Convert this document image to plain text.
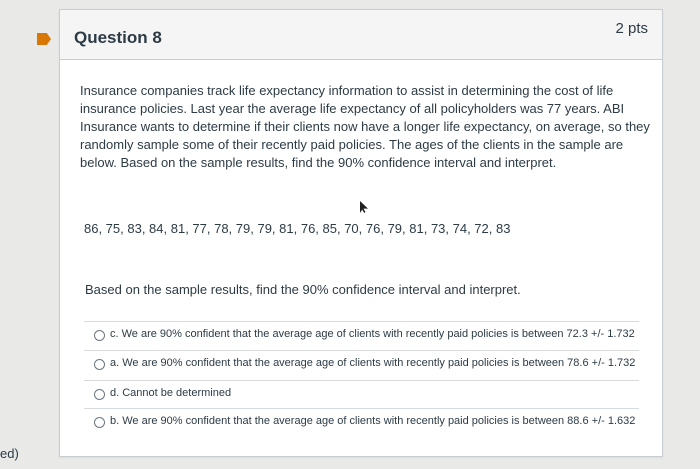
ed)
Question 8	2 pts

Insurance companies track life expectancy information to assist in determining the cost of life insurance policies. Last year the average life expectancy of all policyholders was 77 years. ABI Insurance wants to determine if their clients now have a longer life expectancy, on average, so they randomly sample some of their recently paid policies. The ages of the clients in the sample are below. Based on the sample results, find the 90% confidence interval and interpret.

86, 75, 83, 84, 81, 77, 78, 79, 79, 81, 76, 85, 70, 76, 79, 81, 73, 74, 72, 83
Based on the sample results, find the 90% confidence interval and interpret.
c. We are 90% confident that the average age of clients with recently paid policies is between 72.3 +/- 1.732
a. We are 90% confident that the average age of clients with recently paid policies is between 78.6 +/- 1.732
d. Cannot be determined
b. We are 90% confident that the average age of clients with recently paid policies is between 88.6 +/- 1.632
